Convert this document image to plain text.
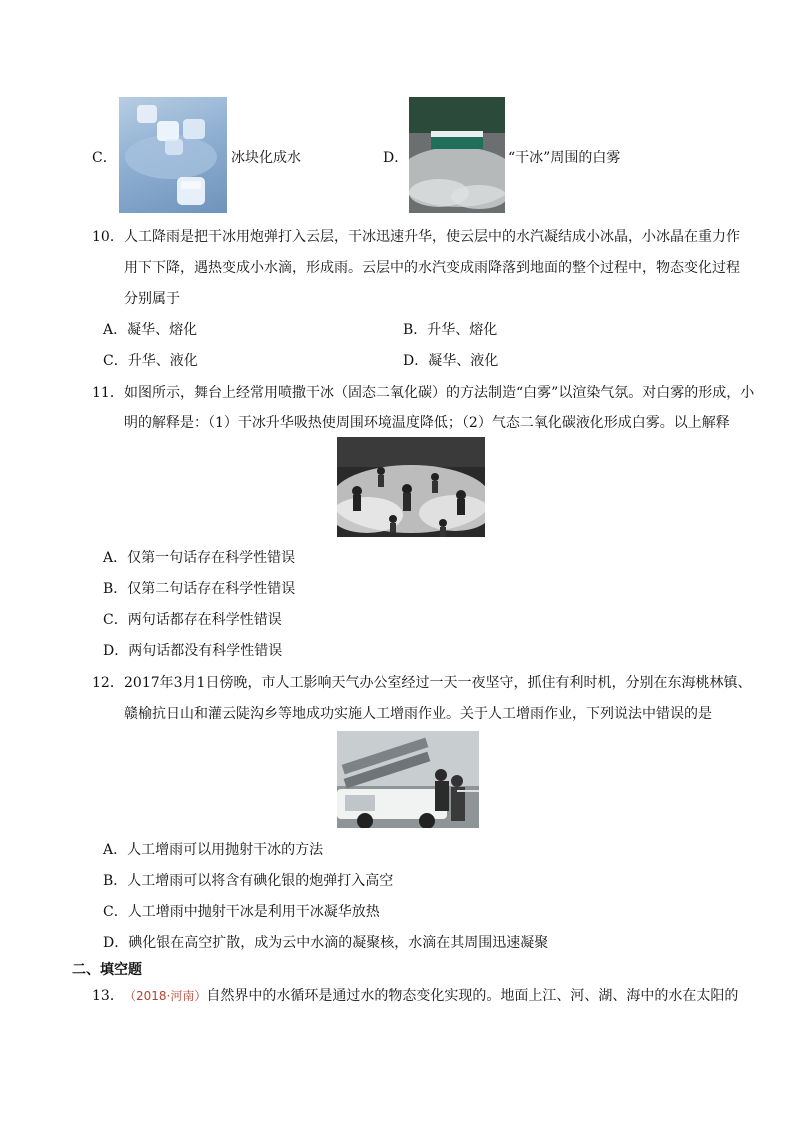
C．	冰块化成水	D．	“干冰”周围的白雾
10． 人工降雨是把干冰用炮弹打入云层，干冰迅速升华，使云层中的水汽凝结成小冰晶，小冰晶在重力作
用下下降，遇热变成小水滴，形成雨。云层中的水汽变成雨降落到地面的整个过程中，物态变化过程
分别属于
A．凝华、熔化	B．升华、熔化
C．升华、液化	D．凝华、液化
11． 如图所示，舞台上经常用喷撒干冰（固态二氧化碳）的方法制造“白雾”以渲染气氛。对白雾的形成，小
明的解释是：（1）干冰升华吸热使周围环境温度降低；（2）气态二氧化碳液化形成白雾。以上解释
A．仅第一句话存在科学性错误
B．仅第二句话存在科学性错误
C．两句话都存在科学性错误
D．两句话都没有科学性错误
12． 2017年3月1日傍晚，市人工影响天气办公室经过一天一夜坚守，抓住有利时机，分别在东海桃林镇、
赣榆抗日山和灌云陡沟乡等地成功实施人工增雨作业。关于人工增雨作业，下列说法中错误的是
A．人工增雨可以用抛射干冰的方法
B．人工增雨可以将含有碘化银的炮弹打入高空
C．人工增雨中抛射干冰是利用干冰凝华放热
D．碘化银在高空扩散，成为云中水滴的凝聚核，水滴在其周围迅速凝聚
二、填空题
13． （2018·河南）自然界中的水循环是通过水的物态变化实现的。地面上江、河、湖、海中的水在太阳的
